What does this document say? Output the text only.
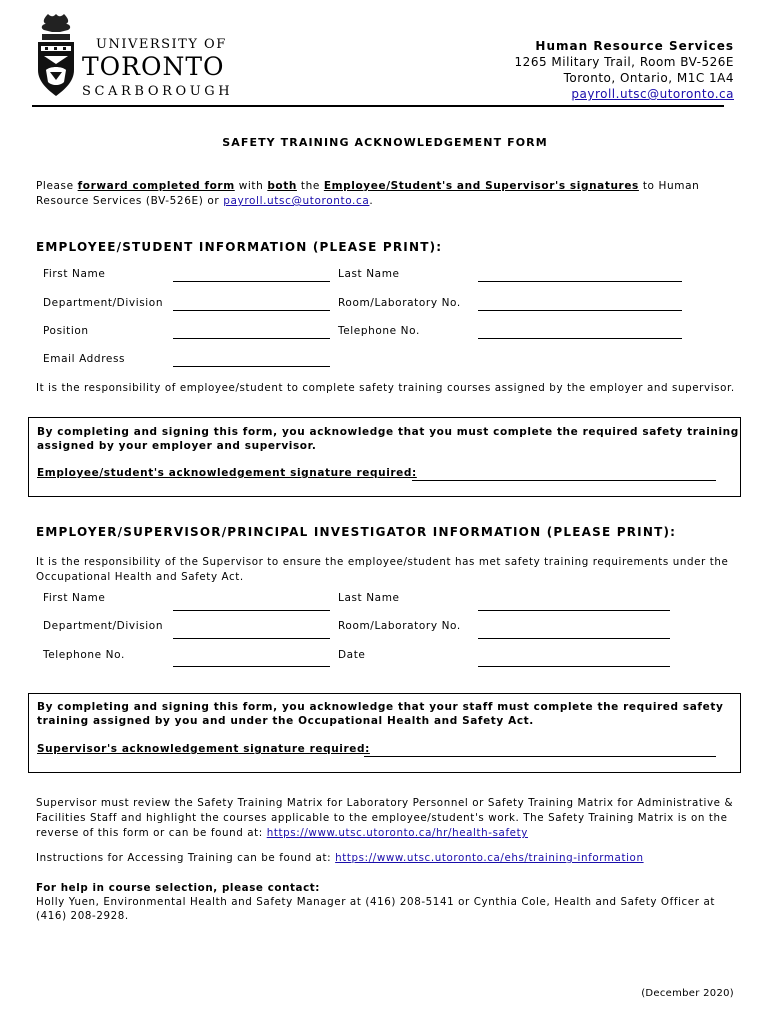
UNIVERSITY OF
TORONTO
SCARBOROUGH
Human Resource Services
1265 Military Trail, Room BV-526E
Toronto, Ontario, M1C 1A4
payroll.utsc@utoronto.ca
SAFETY TRAINING ACKNOWLEDGEMENT FORM
Please forward completed form with both the Employee/Student's and Supervisor's signatures to Human
Resource Services (BV-526E) or payroll.utsc@utoronto.ca.
EMPLOYEE/STUDENT INFORMATION (PLEASE PRINT):
First Name	Last Name
Department/Division	Room/Laboratory No.
Position	Telephone No.
Email Address
It is the responsibility of employee/student to complete safety training courses assigned by the employer and supervisor.
By completing and signing this form, you acknowledge that you must complete the required safety training
assigned by your employer and supervisor.
Employee/student's acknowledgement signature required:
EMPLOYER/SUPERVISOR/PRINCIPAL INVESTIGATOR INFORMATION (PLEASE PRINT):
It is the responsibility of the Supervisor to ensure the employee/student has met safety training requirements under the
Occupational Health and Safety Act.
First Name	Last Name
Department/Division	Room/Laboratory No.
Telephone No.	Date
By completing and signing this form, you acknowledge that your staff must complete the required safety
training assigned by you and under the Occupational Health and Safety Act.
Supervisor's acknowledgement signature required:
Supervisor must review the Safety Training Matrix for Laboratory Personnel or Safety Training Matrix for Administrative &
Facilities Staff and highlight the courses applicable to the employee/student's work. The Safety Training Matrix is on the
reverse of this form or can be found at: https://www.utsc.utoronto.ca/hr/health-safety
Instructions for Accessing Training can be found at: https://www.utsc.utoronto.ca/ehs/training-information
For help in course selection, please contact:
Holly Yuen, Environmental Health and Safety Manager at (416) 208-5141 or Cynthia Cole, Health and Safety Officer at
(416) 208-2928.
(December 2020)
